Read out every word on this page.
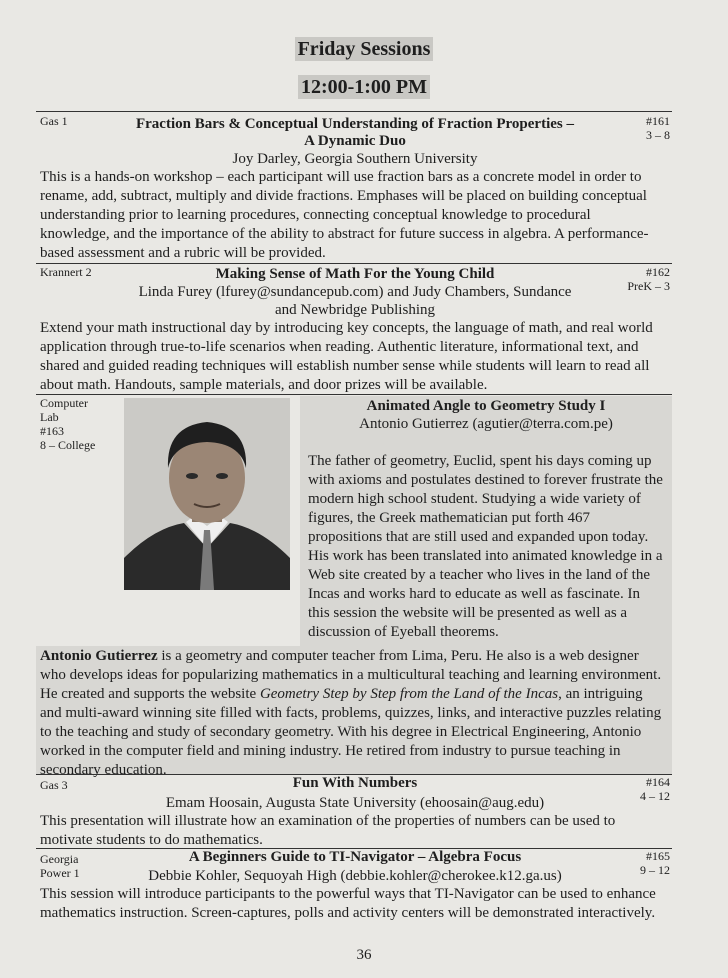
Friday Sessions
12:00-1:00 PM
Gas 1	#161
3 – 8
Fraction Bars & Conceptual Understanding of Fraction Properties –
A Dynamic Duo
Joy Darley, Georgia Southern University

This is a hands-on workshop – each participant will use fraction bars as a concrete model in order to rename, add, subtract, multiply and divide fractions. Emphases will be placed on building conceptual understanding prior to learning procedures, connecting conceptual knowledge to procedural knowledge, and the importance of the ability to abstract for future success in algebra. A performance-based assessment and a rubric will be provided.

Krannert 2	#162
PreK – 3
Making Sense of Math For the Young Child
Linda Furey (lfurey@sundancepub.com) and Judy Chambers, Sundance
and Newbridge Publishing

Extend your math instructional day by introducing key concepts, the language of math, and real world application through true-to-life scenarios when reading. Authentic literature, informational text, and shared and guided reading techniques will establish number sense while students will learn to read all about math. Handouts, sample materials, and door prizes will be available.

Computer
Lab
#163
8 – College
Animated Angle to Geometry Study I
Antonio Gutierrez (agutier@terra.com.pe)

The father of geometry, Euclid, spent his days coming up with axioms and postulates destined to forever frustrate the modern high school student. Studying a wide variety of figures, the Greek mathematician put forth 467 propositions that are still used and expanded upon today. His work has been translated into animated knowledge in a Web site created by a teacher who lives in the land of the Incas and works hard to educate as well as fascinate. In this session the website will be presented as well as a discussion of Eyeball theorems.

Antonio Gutierrez is a geometry and computer teacher from Lima, Peru. He also is a web designer who develops ideas for popularizing mathematics in a multicultural teaching and learning environment. He created and supports the website Geometry Step by Step from the Land of the Incas, an intriguing and multi-award winning site filled with facts, problems, quizzes, links, and interactive puzzles relating to the teaching and study of secondary geometry. With his degree in Electrical Engineering, Antonio worked in the computer field and mining industry. He retired from industry to pursue teaching in secondary education.

Gas 3	#164
4 – 12
Fun With Numbers
Emam Hoosain, Augusta State University (ehoosain@aug.edu)

This presentation will illustrate how an examination of the properties of numbers can be used to motivate students to do mathematics.

Georgia
Power 1
#165
9 – 12
A Beginners Guide to TI-Navigator – Algebra Focus
Debbie Kohler, Sequoyah High (debbie.kohler@cherokee.k12.ga.us)

This session will introduce participants to the powerful ways that TI-Navigator can be used to enhance mathematics instruction. Screen-captures, polls and activity centers will be demonstrated interactively.

36
